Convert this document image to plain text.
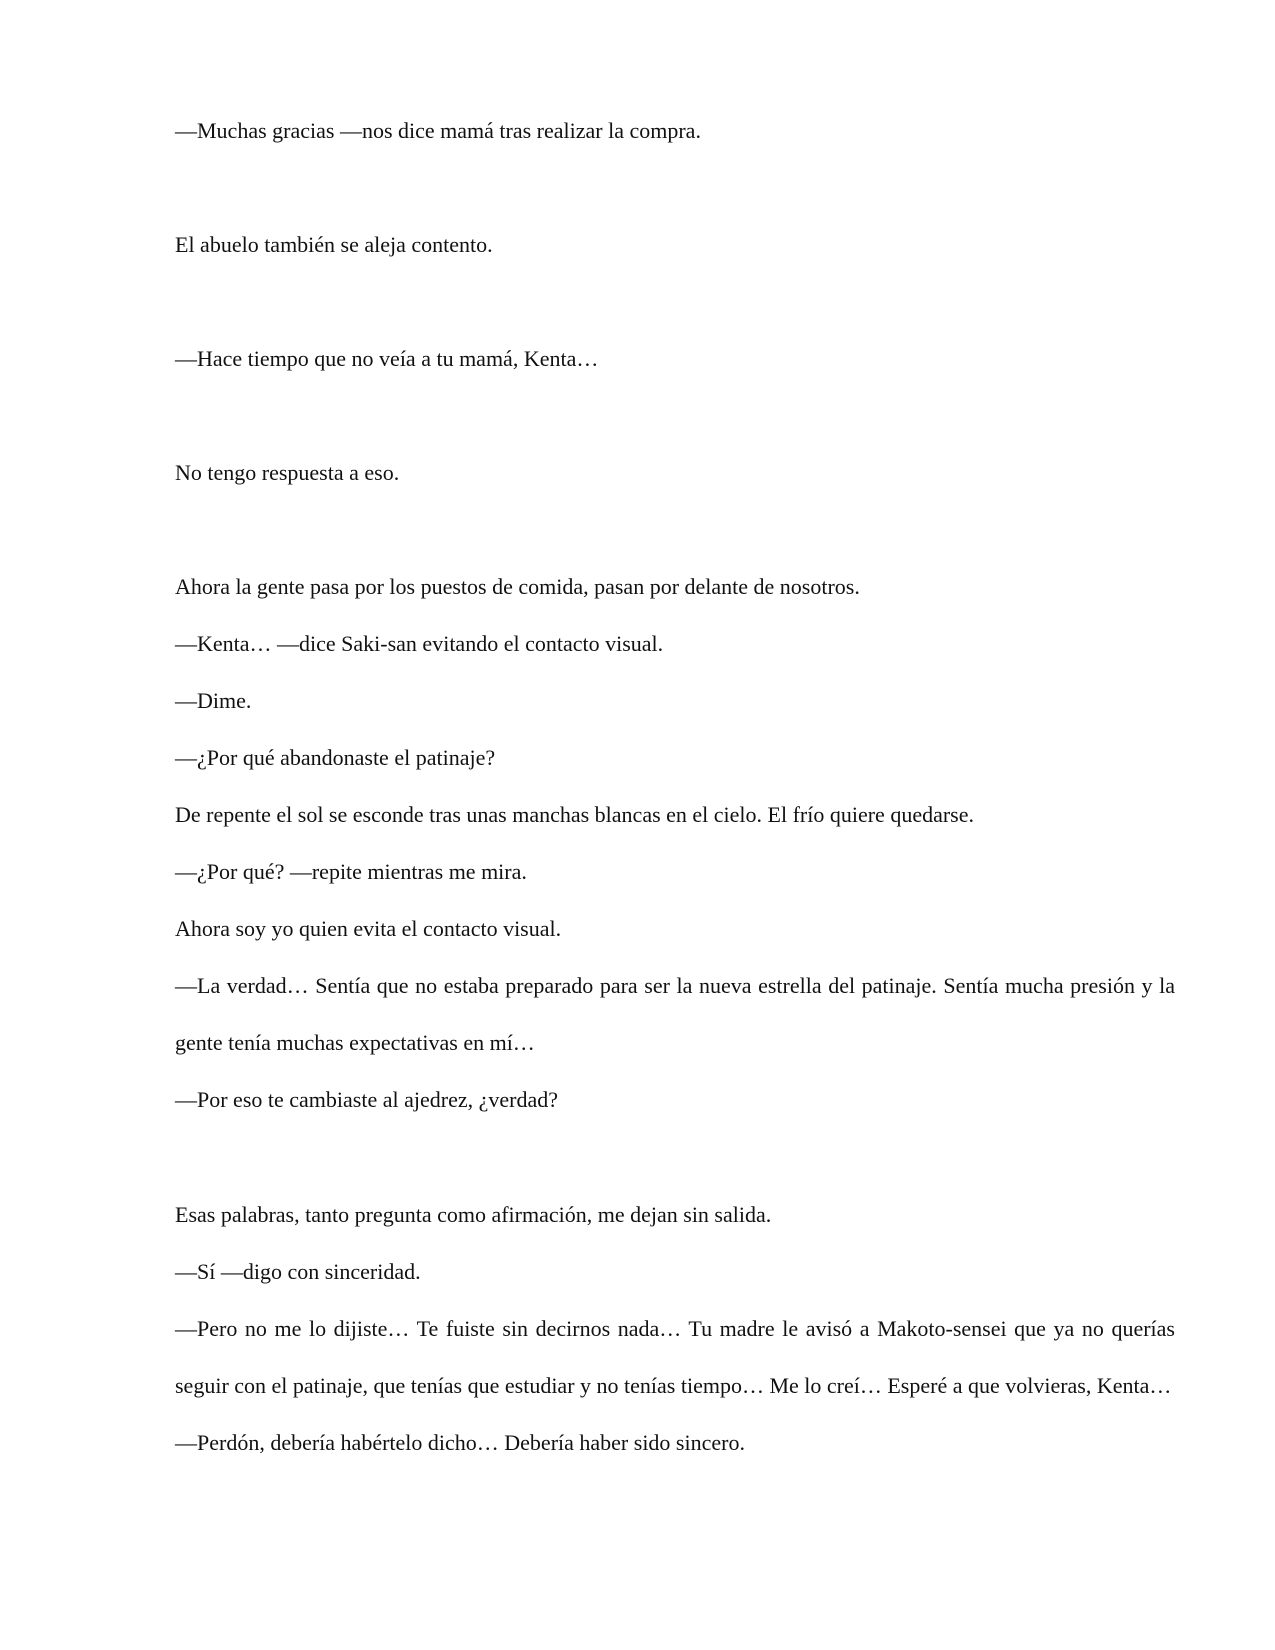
—Muchas gracias —nos dice mamá tras realizar la compra.

El abuelo también se aleja contento.

—Hace tiempo que no veía a tu mamá, Kenta…

No tengo respuesta a eso.

Ahora la gente pasa por los puestos de comida, pasan por delante de nosotros.

—Kenta… —dice Saki-san evitando el contacto visual.

—Dime.

—¿Por qué abandonaste el patinaje?

De repente el sol se esconde tras unas manchas blancas en el cielo. El frío quiere quedarse.

—¿Por qué? —repite mientras me mira.

Ahora soy yo quien evita el contacto visual.

—La verdad… Sentía que no estaba preparado para ser la nueva estrella del patinaje. Sentía mucha presión y la gente tenía muchas expectativas en mí…

—Por eso te cambiaste al ajedrez, ¿verdad?

Esas palabras, tanto pregunta como afirmación, me dejan sin salida.

—Sí —digo con sinceridad.

—Pero no me lo dijiste… Te fuiste sin decirnos nada… Tu madre le avisó a Makoto-sensei que ya no querías seguir con el patinaje, que tenías que estudiar y no tenías tiempo… Me lo creí… Esperé a que volvieras, Kenta…

—Perdón, debería habértelo dicho… Debería haber sido sincero.
